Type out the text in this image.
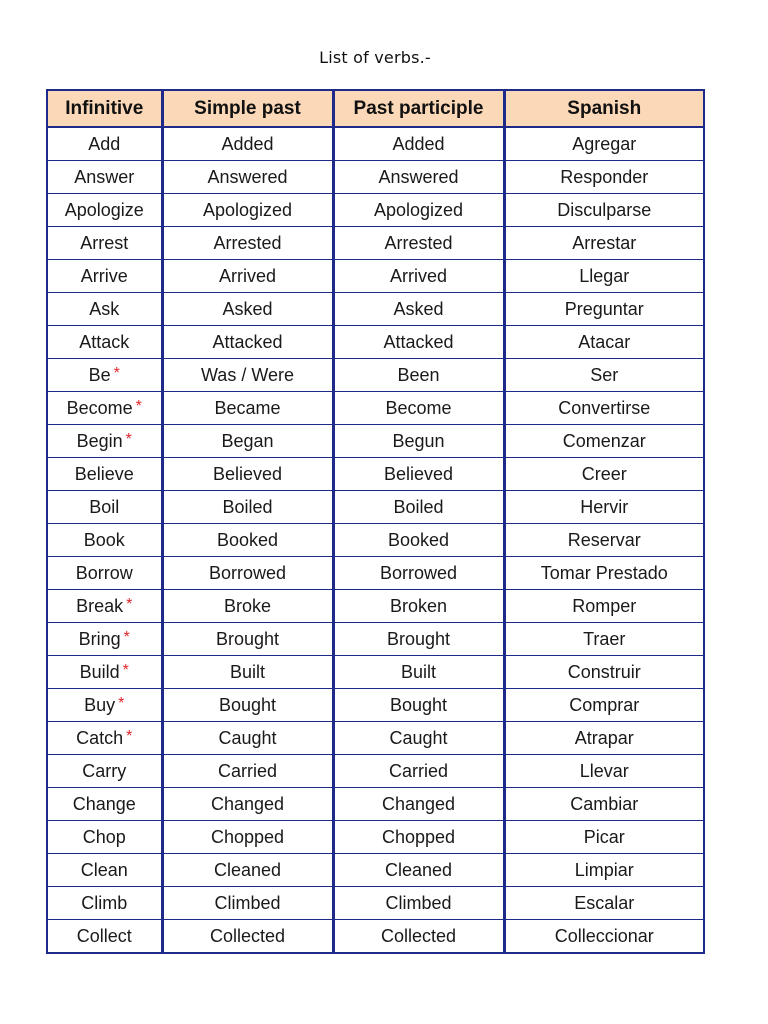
List of verbs.-
Infinitive	Simple past	Past participle	Spanish
Add	Added	Added	Agregar
Answer	Answered	Answered	Responder
Apologize	Apologized	Apologized	Disculparse
Arrest	Arrested	Arrested	Arrestar
Arrive	Arrived	Arrived	Llegar
Ask	Asked	Asked	Preguntar
Attack	Attacked	Attacked	Atacar
Be *	Was / Were	Been	Ser
Become *	Became	Become	Convertirse
Begin *	Began	Begun	Comenzar
Believe	Believed	Believed	Creer
Boil	Boiled	Boiled	Hervir
Book	Booked	Booked	Reservar
Borrow	Borrowed	Borrowed	Tomar Prestado
Break *	Broke	Broken	Romper
Bring *	Brought	Brought	Traer
Build *	Built	Built	Construir
Buy *	Bought	Bought	Comprar
Catch *	Caught	Caught	Atrapar
Carry	Carried	Carried	Llevar
Change	Changed	Changed	Cambiar
Chop	Chopped	Chopped	Picar
Clean	Cleaned	Cleaned	Limpiar
Climb	Climbed	Climbed	Escalar
Collect	Collected	Collected	Colleccionar
